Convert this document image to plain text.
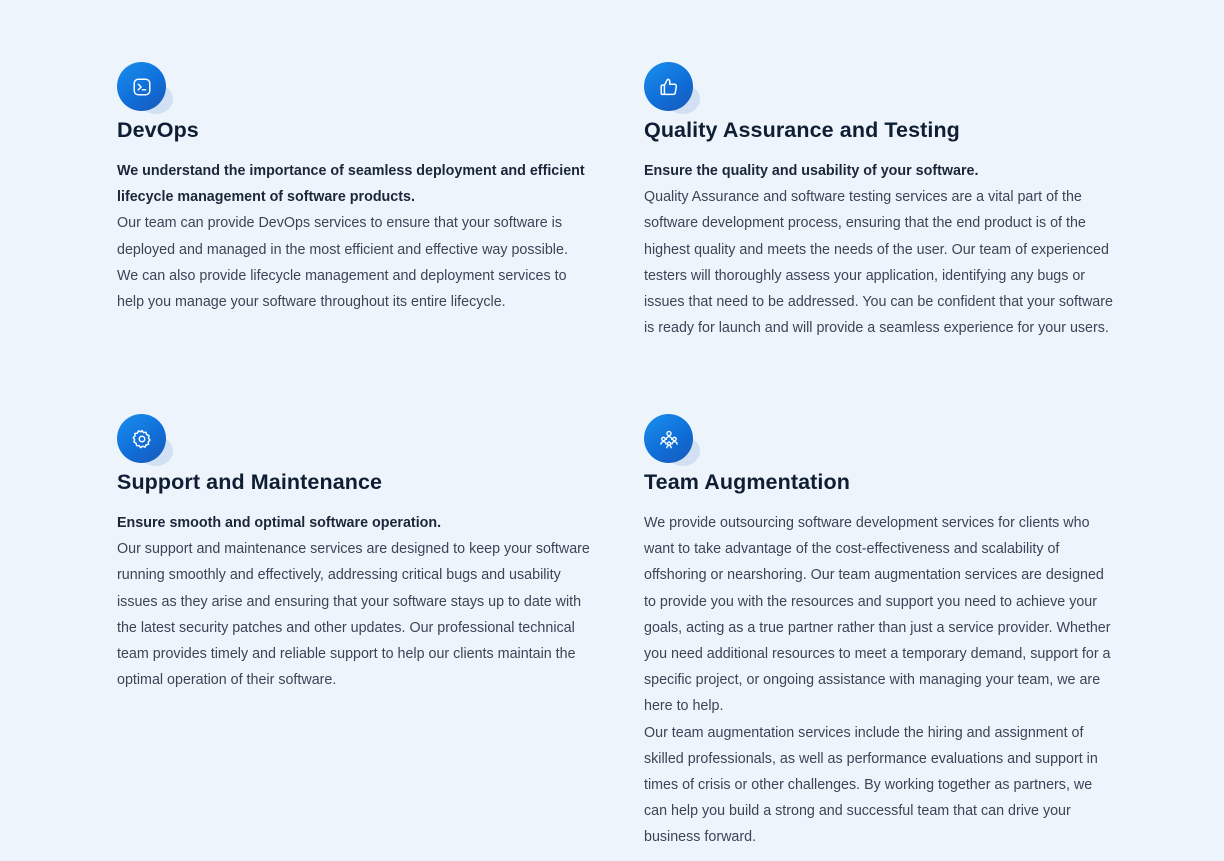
DevOps

We understand the importance of seamless deployment and efficient lifecycle management of software products.

Our team can provide DevOps services to ensure that your software is deployed and managed in the most efficient and effective way possible. We can also provide lifecycle management and deployment services to help you manage your software throughout its entire lifecycle.

Quality Assurance and Testing

Ensure the quality and usability of your software.

Quality Assurance and software testing services are a vital part of the software development process, ensuring that the end product is of the highest quality and meets the needs of the user. Our team of experienced testers will thoroughly assess your application, identifying any bugs or issues that need to be addressed. You can be confident that your software is ready for launch and will provide a seamless experience for your users.

Support and Maintenance

Ensure smooth and optimal software operation.

Our support and maintenance services are designed to keep your software running smoothly and effectively, addressing critical bugs and usability issues as they arise and ensuring that your software stays up to date with the latest security patches and other updates. Our professional technical team provides timely and reliable support to help our clients maintain the optimal operation of their software.

Team Augmentation

We provide outsourcing software development services for clients who want to take advantage of the cost-effectiveness and scalability of offshoring or nearshoring. Our team augmentation services are designed to provide you with the resources and support you need to achieve your goals, acting as a true partner rather than just a service provider. Whether you need additional resources to meet a temporary demand, support for a specific project, or ongoing assistance with managing your team, we are here to help.

Our team augmentation services include the hiring and assignment of skilled professionals, as well as performance evaluations and support in times of crisis or other challenges. By working together as partners, we can help you build a strong and successful team that can drive your business forward.
